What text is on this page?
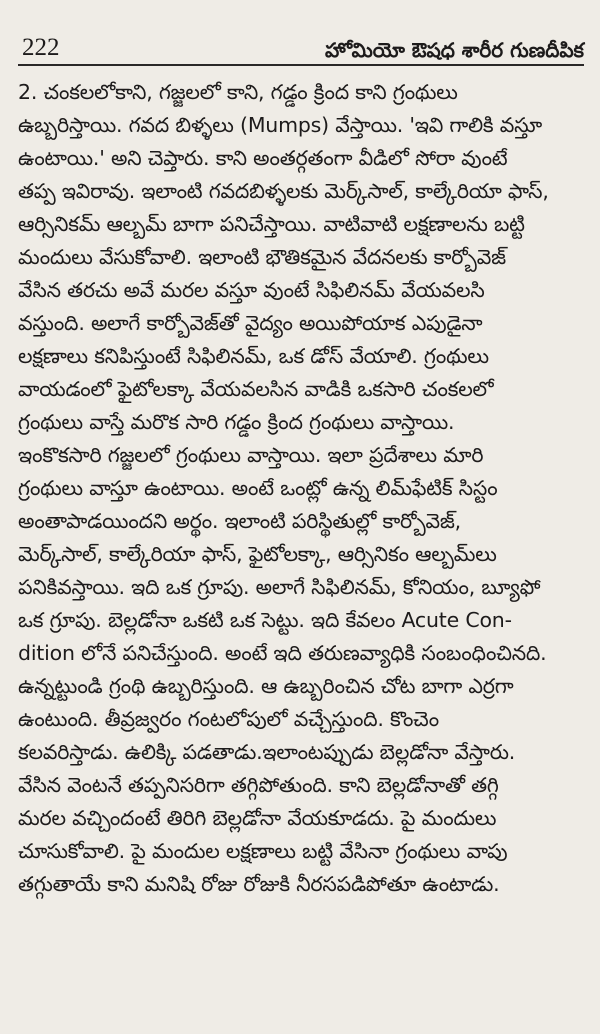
222	హోమియో ఔషధ శారీర గుణదీపిక
2. చంకలలోకాని, గజ్జలలో కాని, గడ్డం క్రింద కాని గ్రంథులు
ఉబ్బరిస్తాయి. గవద బిళ్ళలు (Mumps) వేస్తాయి. 'ఇవి గాలికి వస్తూ
ఉంటాయి.' అని చెప్తారు. కాని అంతర్గతంగా వీడిలో సోరా వుంటే
తప్ప ఇవిరావు. ఇలాంటి గవదబిళ్ళలకు మెర్క్‌సాల్, కాల్కేరియా ఫాస్,
ఆర్సినికమ్ ఆల్బమ్ బాగా పనిచేస్తాయి. వాటివాటి లక్షణాలను బట్టి
మందులు వేసుకోవాలి. ఇలాంటి భౌతికమైన వేదనలకు కార్బోవెజ్
వేసిన తరచు అవే మరల వస్తూ వుంటే సిఫిలినమ్ వేయవలసి
వస్తుంది. అలాగే కార్బోవెజ్‌తో వైద్యం అయిపోయాక ఎపుడైనా
లక్షణాలు కనిపిస్తుంటే సిఫిలినమ్, ఒక డోస్ వేయాలి. గ్రంథులు
వాయడంలో ఫైటోలక్కా వేయవలసిన వాడికి ఒకసారి చంకలలో
గ్రంథులు వాస్తే మరొక సారి గడ్డం క్రింద గ్రంథులు వాస్తాయి.
ఇంకొకసారి గజ్జలలో గ్రంథులు వాస్తాయి. ఇలా ప్రదేశాలు మారి
గ్రంథులు వాస్తూ ఉంటాయి. అంటే ఒంట్లో ఉన్న లిమ్‌ఫేటిక్ సిస్టం
అంతాపాడయిందని అర్థం. ఇలాంటి పరిస్థితుల్లో కార్బోవెజ్,
మెర్క్‌సాల్, కాల్కేరియా ఫాస్, ఫైటోలక్కా, ఆర్సినికం ఆల్బమ్‌లు
పనికివస్తాయి. ఇది ఒక గ్రూపు. అలాగే సిఫిలినమ్, కోనియం, బ్యూఫో
ఒక గ్రూపు. బెల్లడోనా ఒకటి ఒక సెట్టు. ఇది కేవలం Acute Con-
dition లోనే పనిచేస్తుంది. అంటే ఇది తరుణవ్యాధికి సంబంధించినది.
ఉన్నట్టుండి గ్రంథి ఉబ్బరిస్తుంది. ఆ ఉబ్బరించిన చోట బాగా ఎర్రగా
ఉంటుంది. తీవ్రజ్వరం గంటలోపులో వచ్చేస్తుంది. కొంచెం
కలవరిస్తాడు. ఉలిక్కి పడతాడు.ఇలాంటప్పుడు బెల్లడోనా వేస్తారు.
వేసిన వెంటనే తప్పనిసరిగా తగ్గిపోతుంది. కాని బెల్లడోనాతో తగ్గి
మరల వచ్చిందంటే తిరిగి బెల్లడోనా వేయకూడదు. పై మందులు
చూసుకోవాలి. పై మందుల లక్షణాలు బట్టి వేసినా గ్రంథులు వాపు
తగ్గుతాయే కాని మనిషి రోజు రోజుకి నీరసపడిపోతూ ఉంటాడు.
